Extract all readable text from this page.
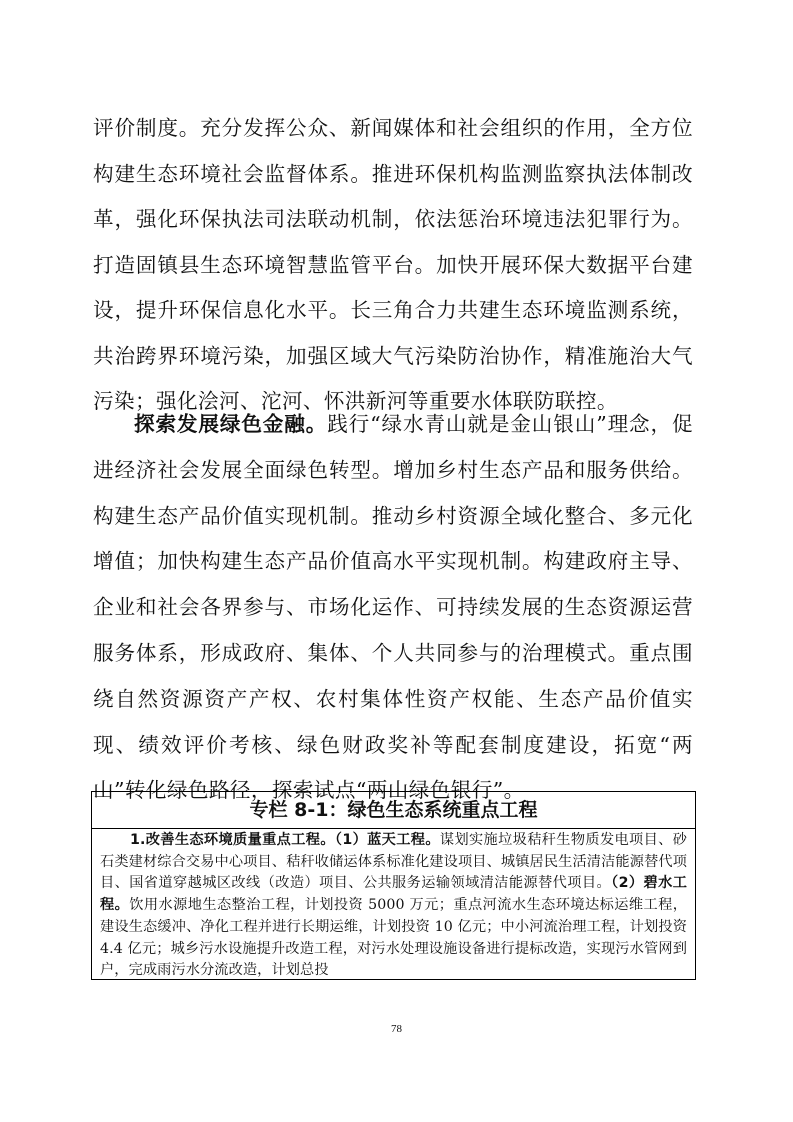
评价制度。充分发挥公众、新闻媒体和社会组织的作用，全方位构建生态环境社会监督体系。推进环保机构监测监察执法体制改革，强化环保执法司法联动机制，依法惩治环境违法犯罪行为。打造固镇县生态环境智慧监管平台。加快开展环保大数据平台建设，提升环保信息化水平。长三角合力共建生态环境监测系统，共治跨界环境污染，加强区域大气污染防治协作，精准施治大气污染；强化浍河、沱河、怀洪新河等重要水体联防联控。

探索发展绿色金融。践行“绿水青山就是金山银山”理念，促进经济社会发展全面绿色转型。增加乡村生态产品和服务供给。构建生态产品价值实现机制。推动乡村资源全域化整合、多元化增值；加快构建生态产品价值高水平实现机制。构建政府主导、企业和社会各界参与、市场化运作、可持续发展的生态资源运营服务体系，形成政府、集体、个人共同参与的治理模式。重点围绕自然资源资产产权、农村集体性资产权能、生态产品价值实现、绩效评价考核、绿色财政奖补等配套制度建设，拓宽“两山”转化绿色路径，探索试点“两山绿色银行”。

专栏 8-1：绿色生态系统重点工程

1.改善生态环境质量重点工程。（1）蓝天工程。谋划实施垃圾秸秆生物质发电项目、砂石类建材综合交易中心项目、秸秆收储运体系标准化建设项目、城镇居民生活清洁能源替代项目、国省道穿越城区改线（改造）项目、公共服务运输领域清洁能源替代项目。（2）碧水工程。饮用水源地生态整治工程，计划投资 5000 万元；重点河流水生态环境达标运维工程，建设生态缓冲、净化工程并进行长期运维，计划投资 10 亿元；中小河流治理工程，计划投资 4.4 亿元；城乡污水设施提升改造工程，对污水处理设施设备进行提标改造，实现污水管网到户，完成雨污水分流改造，计划总投

78
